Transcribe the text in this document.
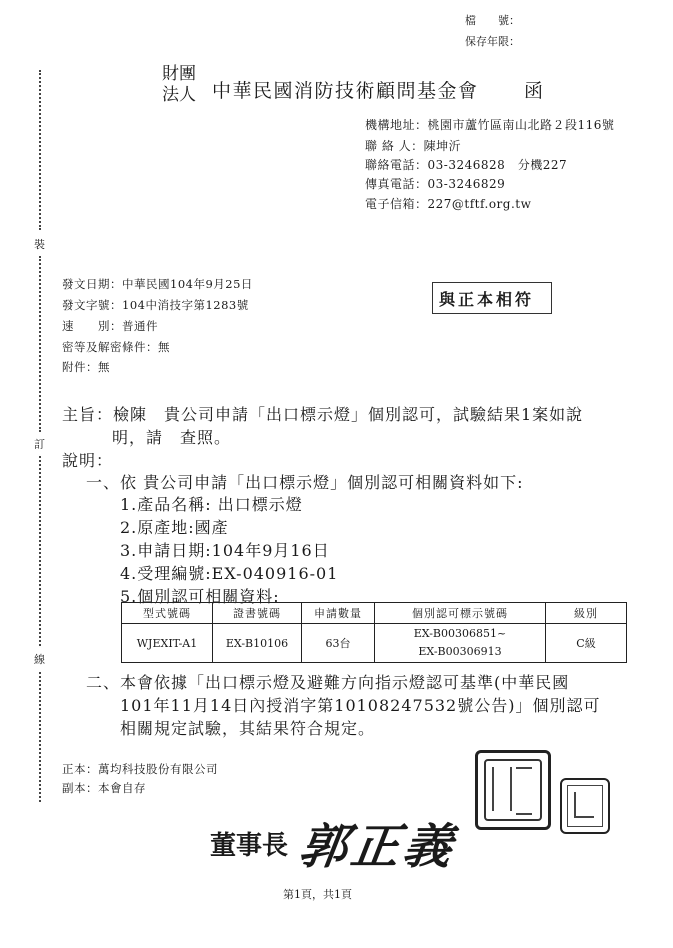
檔　　號：
保存年限：
裝
訂
線
財團
法人 中華民國消防技術顧問基金會 函
機構地址：桃園市蘆竹區南山北路２段116號
聯 絡 人：陳坤沂
聯絡電話：03-3246828　分機227
傳真電話：03-3246829
電子信箱：227@tftf.org.tw
發文日期：中華民國104年9月25日
發文字號：104中消技字第1283號
速　　別：普通件
密等及解密條件：無
附件：無
與正本相符
主旨：檢陳　貴公司申請「出口標示燈」個別認可，試驗結果1案如說
明，請　查照。
說明：
一、依 貴公司申請「出口標示燈」個別認可相關資料如下:
1.產品名稱: 出口標示燈
2.原產地:國產
3.申請日期:104年9月16日
4.受理編號:EX-040916-01
5.個別認可相關資料:
型式號碼	證書號碼	申請數量	個別認可標示號碼	級別
WJEXIT-A1	EX-B10106	63台	EX-B00306851~
EX-B00306913	C級
二、本會依據「出口標示燈及避難方向指示燈認可基準(中華民國
101年11月14日內授消字第10108247532號公告)」個別認可
相關規定試驗，其結果符合規定。
正本：萬均科技股份有限公司
副本：本會自存
董事長 郭正義
第1頁，共1頁
